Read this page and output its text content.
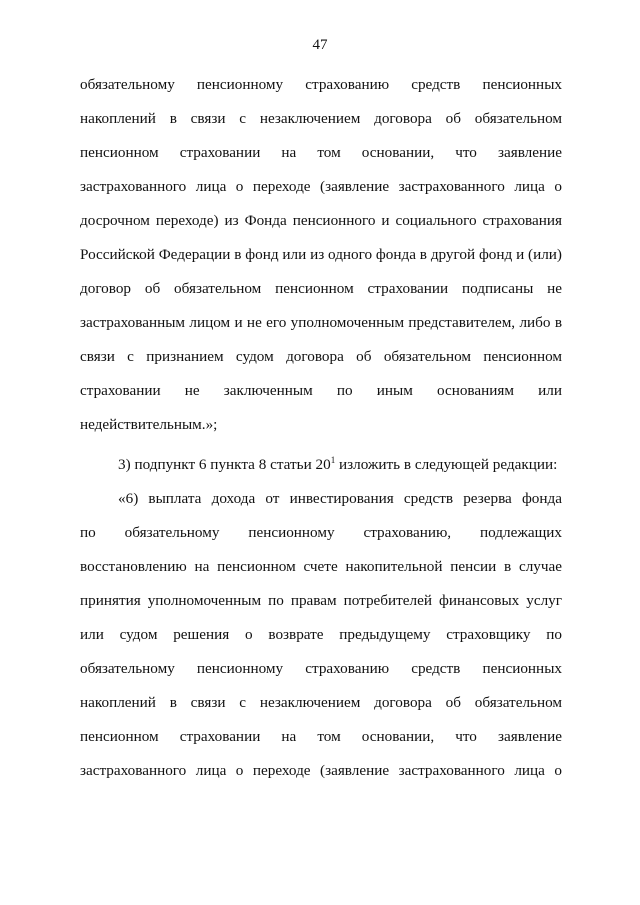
47
обязательному пенсионному страхованию средств пенсионных
накоплений в связи с незаключением договора об обязательном
пенсионном страховании на том основании, что заявление
застрахованного лица о переходе (заявление застрахованного лица о
досрочном переходе) из Фонда пенсионного и социального страхования
Российской Федерации в фонд или из одного фонда в другой фонд и (или)
договор об обязательном пенсионном страховании подписаны не
застрахованным лицом и не его уполномоченным представителем, либо в
связи с признанием судом договора об обязательном пенсионном
страховании не заключенным по иным основаниям или
недействительным.»;
3) подпункт 6 пункта 8 статьи $20^1$ изложить в следующей редакции:
«6) выплата дохода от инвестирования средств резерва фонда
по обязательному пенсионному страхованию, подлежащих
восстановлению на пенсионном счете накопительной пенсии в случае
принятия уполномоченным по правам потребителей финансовых услуг
или судом решения о возврате предыдущему страховщику по
обязательному пенсионному страхованию средств пенсионных
накоплений в связи с незаключением договора об обязательном
пенсионном страховании на том основании, что заявление
застрахованного лица о переходе (заявление застрахованного лица о
